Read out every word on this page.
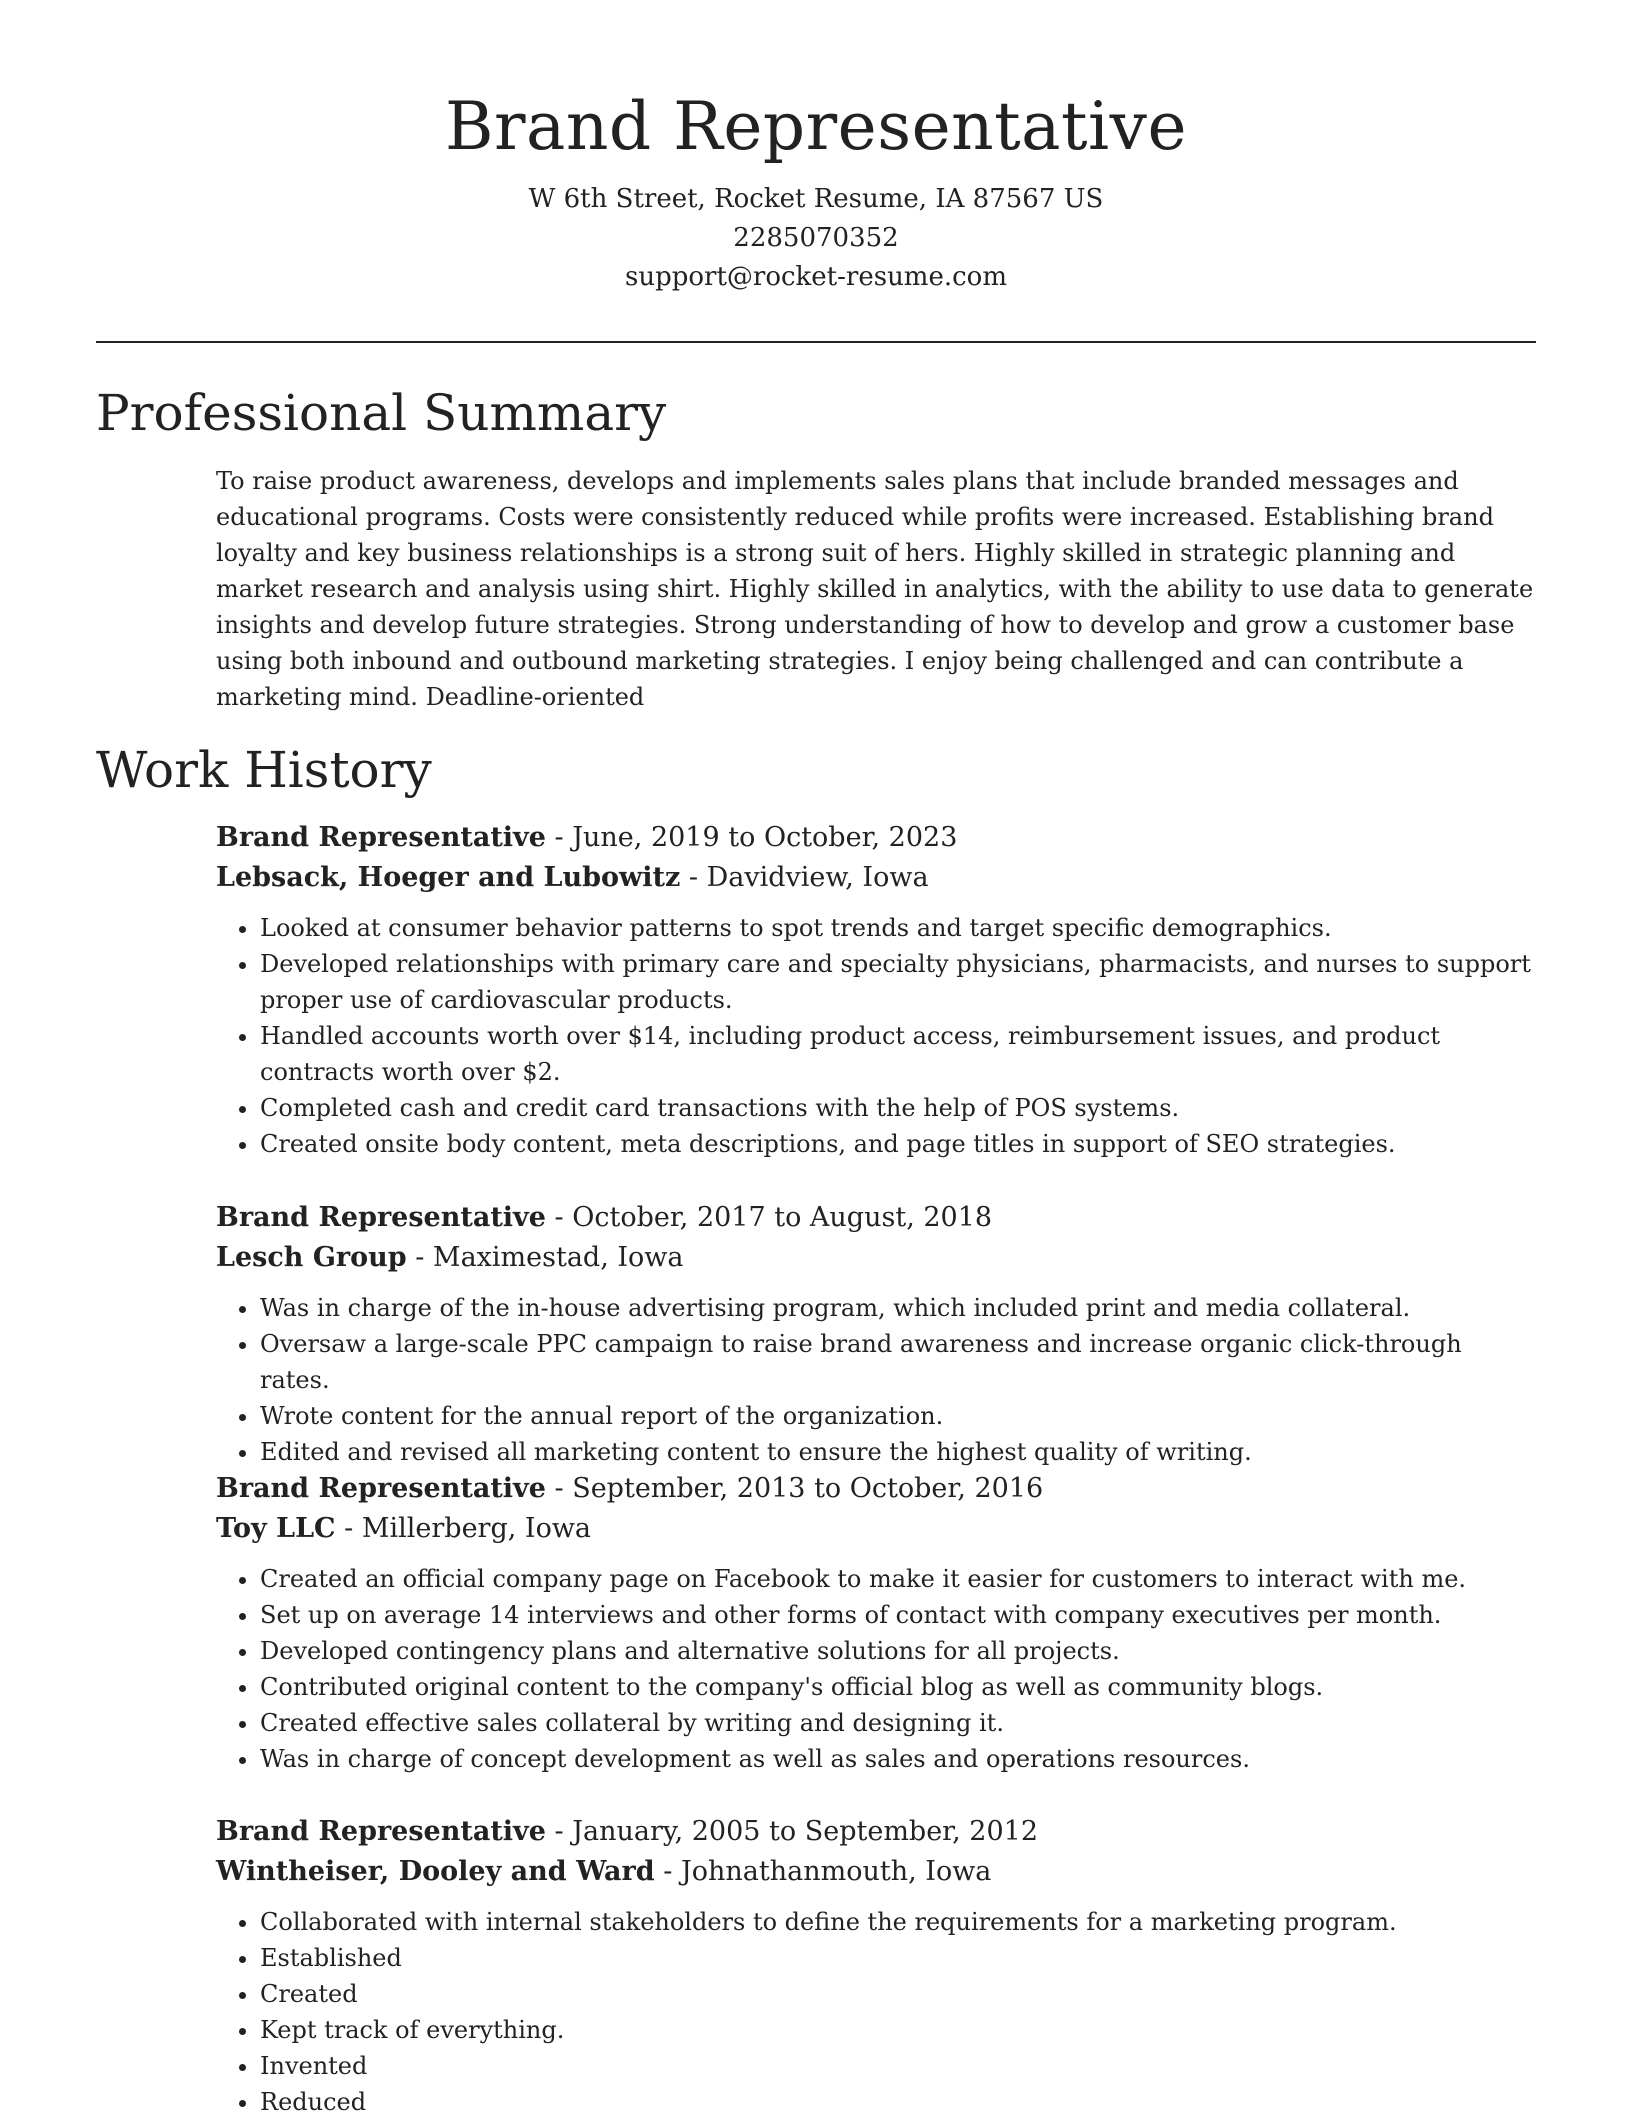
Brand Representative
W 6th Street, Rocket Resume, IA 87567 US
2285070352
support@rocket-resume.com
Professional Summary

To raise product awareness, develops and implements sales plans that include branded messages and educational programs. Costs were consistently reduced while profits were increased. Establishing brand loyalty and key business relationships is a strong suit of hers. Highly skilled in strategic planning and market research and analysis using shirt. Highly skilled in analytics, with the ability to use data to generate insights and develop future strategies. Strong understanding of how to develop and grow a customer base using both inbound and outbound marketing strategies. I enjoy being challenged and can contribute a marketing mind. Deadline-oriented

Work History
Brand Representative - June, 2019 to October, 2023
Lebsack, Hoeger and Lubowitz - Davidview, Iowa
• Looked at consumer behavior patterns to spot trends and target specific demographics.
• Developed relationships with primary care and specialty physicians, pharmacists, and nurses to support proper use of cardiovascular products.
• Handled accounts worth over $14, including product access, reimbursement issues, and product contracts worth over $2.
• Completed cash and credit card transactions with the help of POS systems.
• Created onsite body content, meta descriptions, and page titles in support of SEO strategies.
Brand Representative - October, 2017 to August, 2018
Lesch Group - Maximestad, Iowa
• Was in charge of the in-house advertising program, which included print and media collateral.
• Oversaw a large-scale PPC campaign to raise brand awareness and increase organic click-through rates.
• Wrote content for the annual report of the organization.
• Edited and revised all marketing content to ensure the highest quality of writing.
Brand Representative - September, 2013 to October, 2016
Toy LLC - Millerberg, Iowa
• Created an official company page on Facebook to make it easier for customers to interact with me.
• Set up on average 14 interviews and other forms of contact with company executives per month.
• Developed contingency plans and alternative solutions for all projects.
• Contributed original content to the company's official blog as well as community blogs.
• Created effective sales collateral by writing and designing it.
• Was in charge of concept development as well as sales and operations resources.
Brand Representative - January, 2005 to September, 2012
Wintheiser, Dooley and Ward - Johnathanmouth, Iowa
• Collaborated with internal stakeholders to define the requirements for a marketing program.
• Established
• Created
• Kept track of everything.
• Invented
• Reduced
